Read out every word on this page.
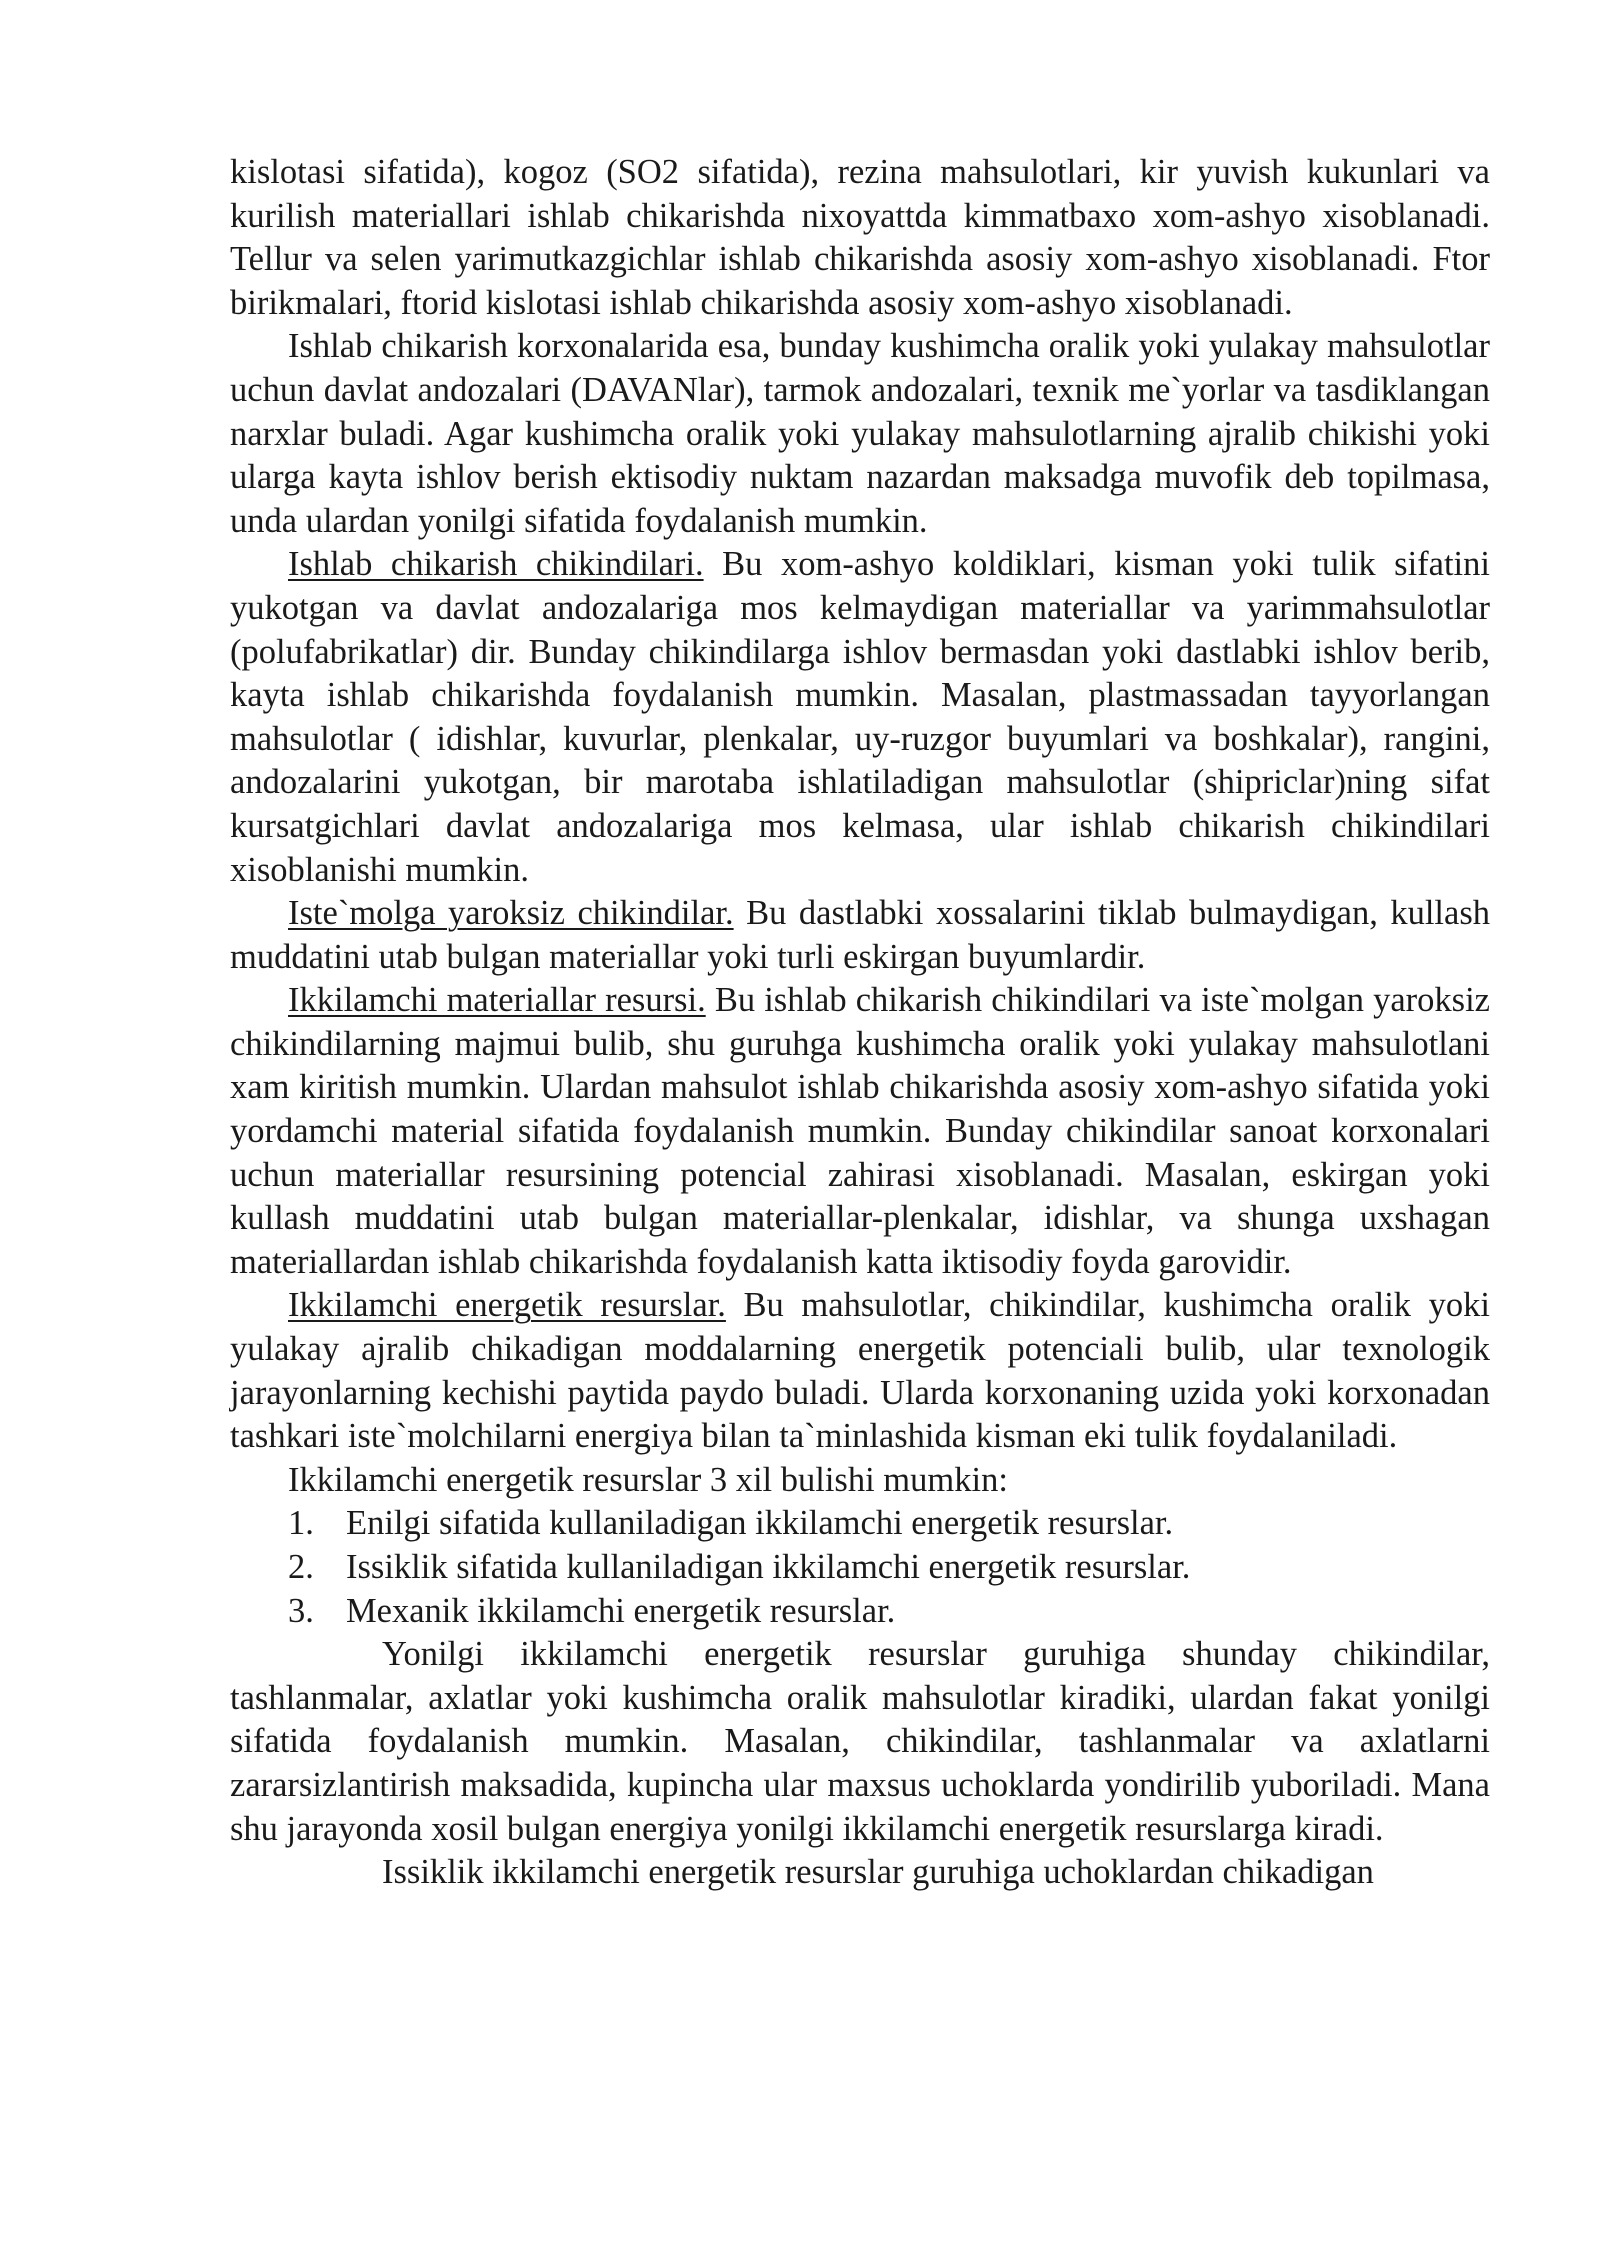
kislotasi sifatida), kogoz (SO2 sifatida), rezina mahsulotlari, kir yuvish kukunlari va kurilish materiallari ishlab chikarishda nixoyattda kimmatbaxo xom-ashyo xisoblanadi. Tellur va selen yarimutkazgichlar ishlab chikarishda asosiy xom-ashyo xisoblanadi. Ftor birikmalari, ftorid kislotasi ishlab chikarishda asosiy xom-ashyo xisoblanadi.

Ishlab chikarish korxonalarida esa, bunday kushimcha oralik yoki yulakay mahsulotlar uchun davlat andozalari (DAVANlar), tarmok andozalari, texnik me`yorlar va tasdiklangan narxlar buladi. Agar kushimcha oralik yoki yulakay mahsulotlarning ajralib chikishi yoki ularga kayta ishlov berish ektisodiy nuktam nazardan maksadga muvofik deb topilmasa, unda ulardan yonilgi sifatida foydalanish mumkin.

Ishlab chikarish chikindilari. Bu xom-ashyo koldiklari, kisman yoki tulik sifatini yukotgan va davlat andozalariga mos kelmaydigan materiallar va yarimmahsulotlar (polufabrikatlar) dir. Bunday chikindilarga ishlov bermasdan yoki dastlabki ishlov berib, kayta ishlab chikarishda foydalanish mumkin. Masalan, plastmassadan tayyorlangan mahsulotlar ( idishlar, kuvurlar, plenkalar, uy-ruzgor buyumlari va boshkalar), rangini, andozalarini yukotgan, bir marotaba ishlatiladigan mahsulotlar (shipriclar)ning sifat kursatgichlari davlat andozalariga mos kelmasa, ular ishlab chikarish chikindilari xisoblanishi mumkin.

Iste`molga yaroksiz chikindilar. Bu dastlabki xossalarini tiklab bulmaydigan, kullash muddatini utab bulgan materiallar yoki turli eskirgan buyumlardir.

Ikkilamchi materiallar resursi. Bu ishlab chikarish chikindilari va iste`molgan yaroksiz chikindilarning majmui bulib, shu guruhga kushimcha oralik yoki yulakay mahsulotlani xam kiritish mumkin. Ulardan mahsulot ishlab chikarishda asosiy xom-ashyo sifatida yoki yordamchi material sifatida foydalanish mumkin. Bunday chikindilar sanoat korxonalari uchun materiallar resursining potencial zahirasi xisoblanadi. Masalan, eskirgan yoki kullash muddatini utab bulgan materiallar-plenkalar, idishlar, va shunga uxshagan materiallardan ishlab chikarishda foydalanish katta iktisodiy foyda garovidir.

Ikkilamchi energetik resurslar. Bu mahsulotlar, chikindilar, kushimcha oralik yoki yulakay ajralib chikadigan moddalarning energetik potenciali bulib, ular texnologik jarayonlarning kechishi paytida paydo buladi. Ularda korxonaning uzida yoki korxonadan tashkari iste`molchilarni energiya bilan ta`minlashida kisman eki tulik foydalaniladi.

Ikkilamchi energetik resurslar 3 xil bulishi mumkin:

1. Enilgi sifatida kullaniladigan ikkilamchi energetik resurslar.
2. Issiklik sifatida kullaniladigan ikkilamchi energetik resurslar.
3. Mexanik ikkilamchi energetik resurslar.

Yonilgi ikkilamchi energetik resurslar guruhiga shunday chikindilar, tashlanmalar, axlatlar yoki kushimcha oralik mahsulotlar kiradiki, ulardan fakat yonilgi sifatida foydalanish mumkin. Masalan, chikindilar, tashlanmalar va axlatlarni zararsizlantirish maksadida, kupincha ular maxsus uchoklarda yondirilib yuboriladi. Mana shu jarayonda xosil bulgan energiya yonilgi ikkilamchi energetik resurslarga kiradi.

Issiklik ikkilamchi energetik resurslar guruhiga uchoklardan chikadigan
